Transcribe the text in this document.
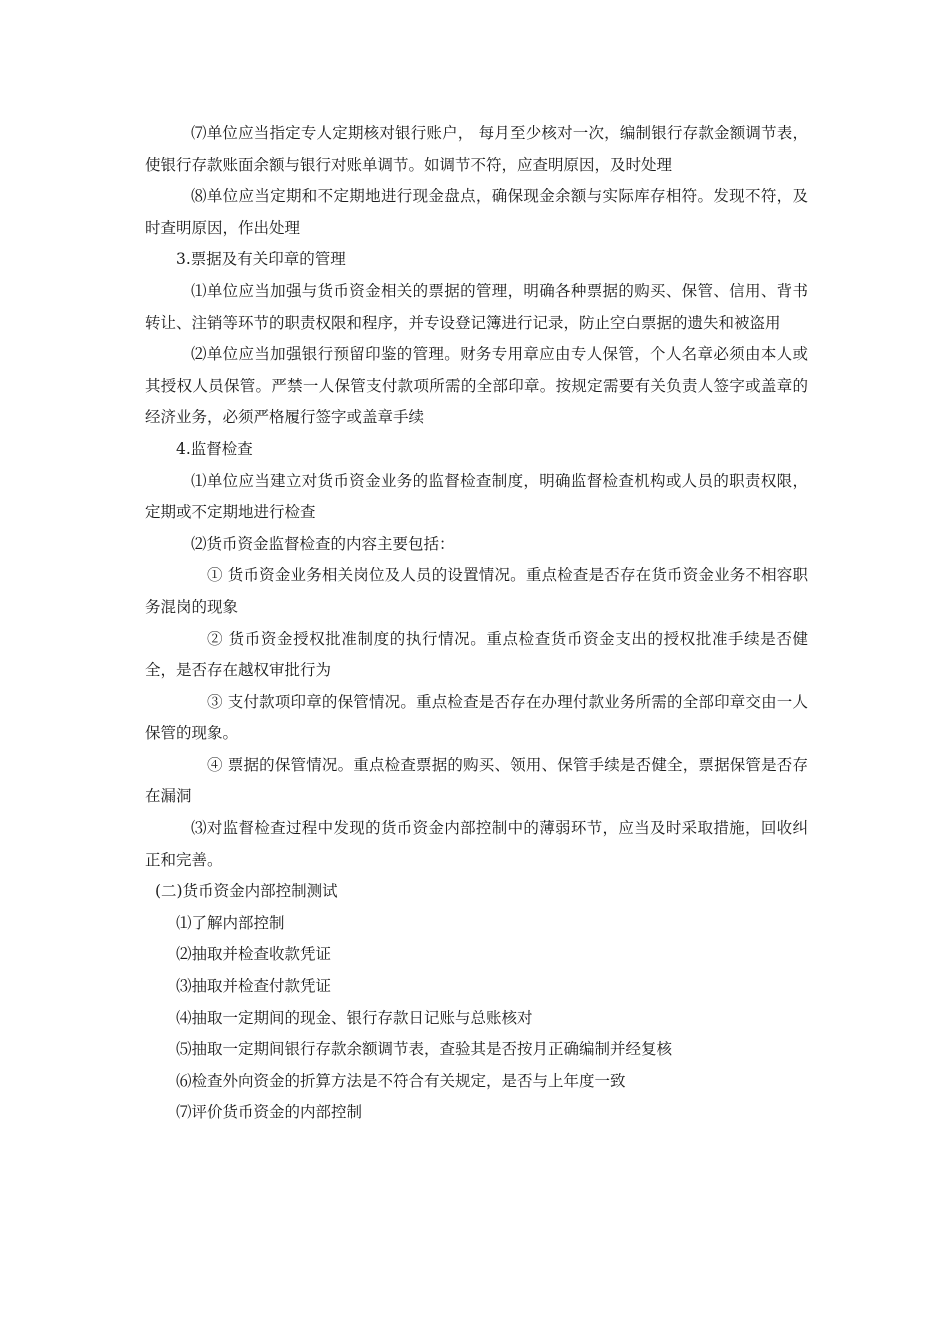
⑺单位应当指定专人定期核对银行账户， 每月至少核对一次，编制银行存款金额调节表，使银行存款账面余额与银行对账单调节。如调节不符，应查明原因，及时处理

⑻单位应当定期和不定期地进行现金盘点，确保现金余额与实际库存相符。发现不符，及时查明原因，作出处理

3.票据及有关印章的管理

⑴单位应当加强与货币资金相关的票据的管理，明确各种票据的购买、保管、信用、背书转让、注销等环节的职责权限和程序，并专设登记簿进行记录，防止空白票据的遗失和被盗用

⑵单位应当加强银行预留印鉴的管理。财务专用章应由专人保管，个人名章必须由本人或其授权人员保管。严禁一人保管支付款项所需的全部印章。按规定需要有关负责人签字或盖章的经济业务，必须严格履行签字或盖章手续

4.监督检查

⑴单位应当建立对货币资金业务的监督检查制度，明确监督检查机构或人员的职责权限，定期或不定期地进行检查

⑵货币资金监督检查的内容主要包括：

① 货币资金业务相关岗位及人员的设置情况。重点检查是否存在货币资金业务不相容职务混岗的现象

② 货币资金授权批准制度的执行情况。重点检查货币资金支出的授权批准手续是否健全，是否存在越权审批行为

③ 支付款项印章的保管情况。重点检查是否存在办理付款业务所需的全部印章交由一人保管的现象。

④ 票据的保管情况。重点检查票据的购买、领用、保管手续是否健全，票据保管是否存在漏洞

⑶对监督检查过程中发现的货币资金内部控制中的薄弱环节，应当及时采取措施，回收纠正和完善。

(二)货币资金内部控制测试

⑴了解内部控制

⑵抽取并检查收款凭证

⑶抽取并检查付款凭证

⑷抽取一定期间的现金、银行存款日记账与总账核对

⑸抽取一定期间银行存款余额调节表，查验其是否按月正确编制并经复核

⑹检查外向资金的折算方法是不符合有关规定，是否与上年度一致

⑺评价货币资金的内部控制
